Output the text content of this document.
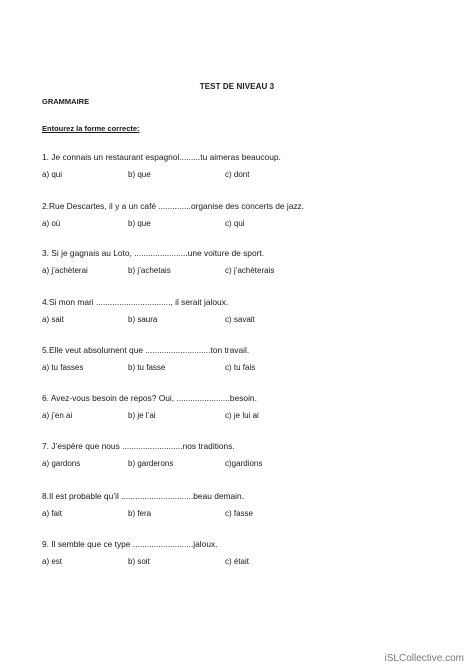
TEST DE NIVEAU 3
GRAMMAIRE
Entourez la forme correcte:
1. Je connais un restaurant espagnol.........tu aimeras beaucoup.
a) qui	b) que	c) dont
2.Rue Descartes, il y a un café ..............organise des concerts de jazz.
a) où	b) que	c) qui
3. Si je gagnais au Loto, .......................une voiture de sport.
a) j’achèterai	b) j’achetais	c) j’achèterais
4.Si mon mari ................................, il serait jaloux.
a) sait	b) saura	c) savait
5.Elle veut absolument que ............................ton travail.
a) tu fasses	b) tu fasse	c) tu fais
6. Avez-vous besoin de repos? Oui, .......................besoin.
a) j’en ai	b) je l’ai	c) je lui ai
7. J’espère que nous ..........................nos traditions.
a) gardons	b) garderons	c)gardions
8.Il est probable qu’il ...............................beau demain.
a) fait	b) fera	c) fasse
9. Il semble que ce type ..........................jaloux.
a) est	b) soit	c) était
iSLCollective.com
